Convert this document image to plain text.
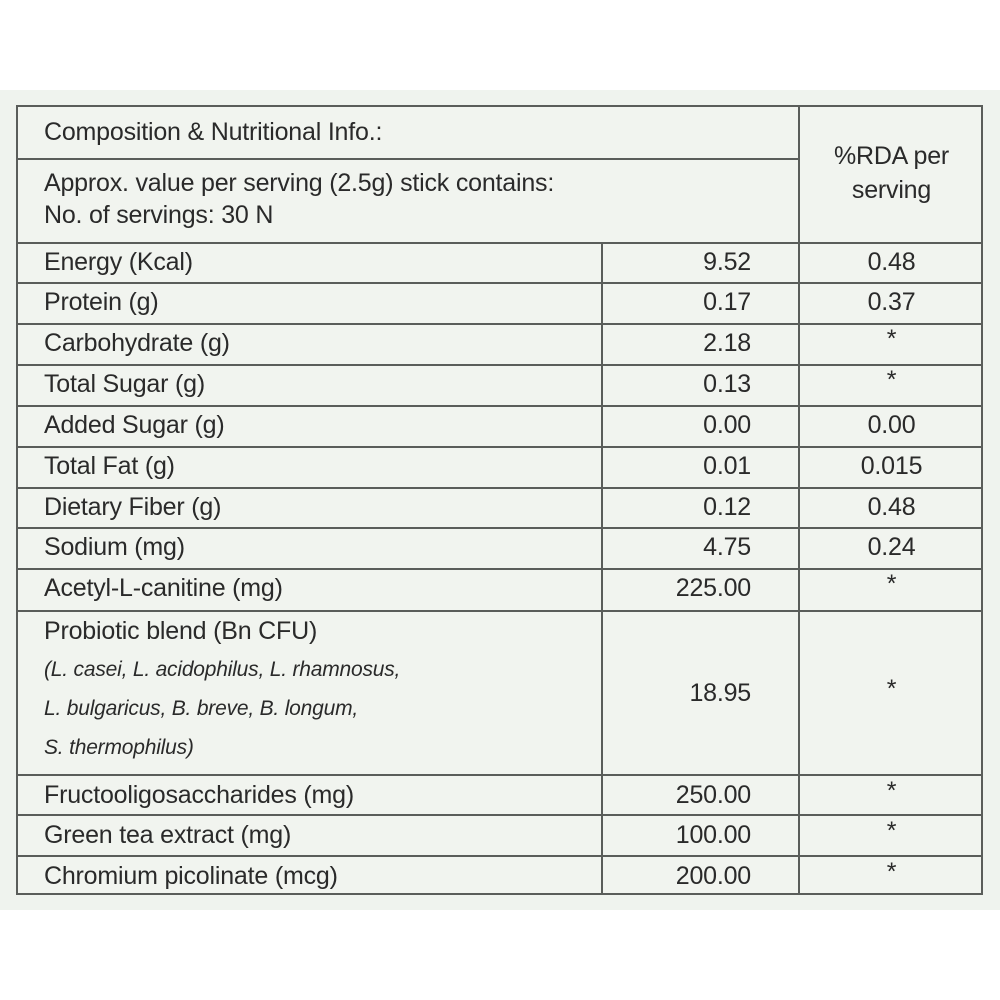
Composition & Nutritional Info.:
Approx. value per serving (2.5g) stick contains:
No. of servings: 30 N
%RDA per
serving
Energy (Kcal)	9.52	0.48
Protein (g)	0.17	0.37
Carbohydrate (g)	2.18	*
Total Sugar (g)	0.13	*
Added Sugar (g)	0.00	0.00
Total Fat (g)	0.01	0.015
Dietary Fiber (g)	0.12	0.48
Sodium (mg)	4.75	0.24
Acetyl-L-canitine (mg)	225.00	*
Probiotic blend (Bn CFU)
(L. casei, L. acidophilus, L. rhamnosus,
L. bulgaricus, B. breve, B. longum,
S. thermophilus)
18.95	*
Fructooligosaccharides (mg)	250.00	*
Green tea extract (mg)	100.00	*
Chromium picolinate (mcg)	200.00	*
